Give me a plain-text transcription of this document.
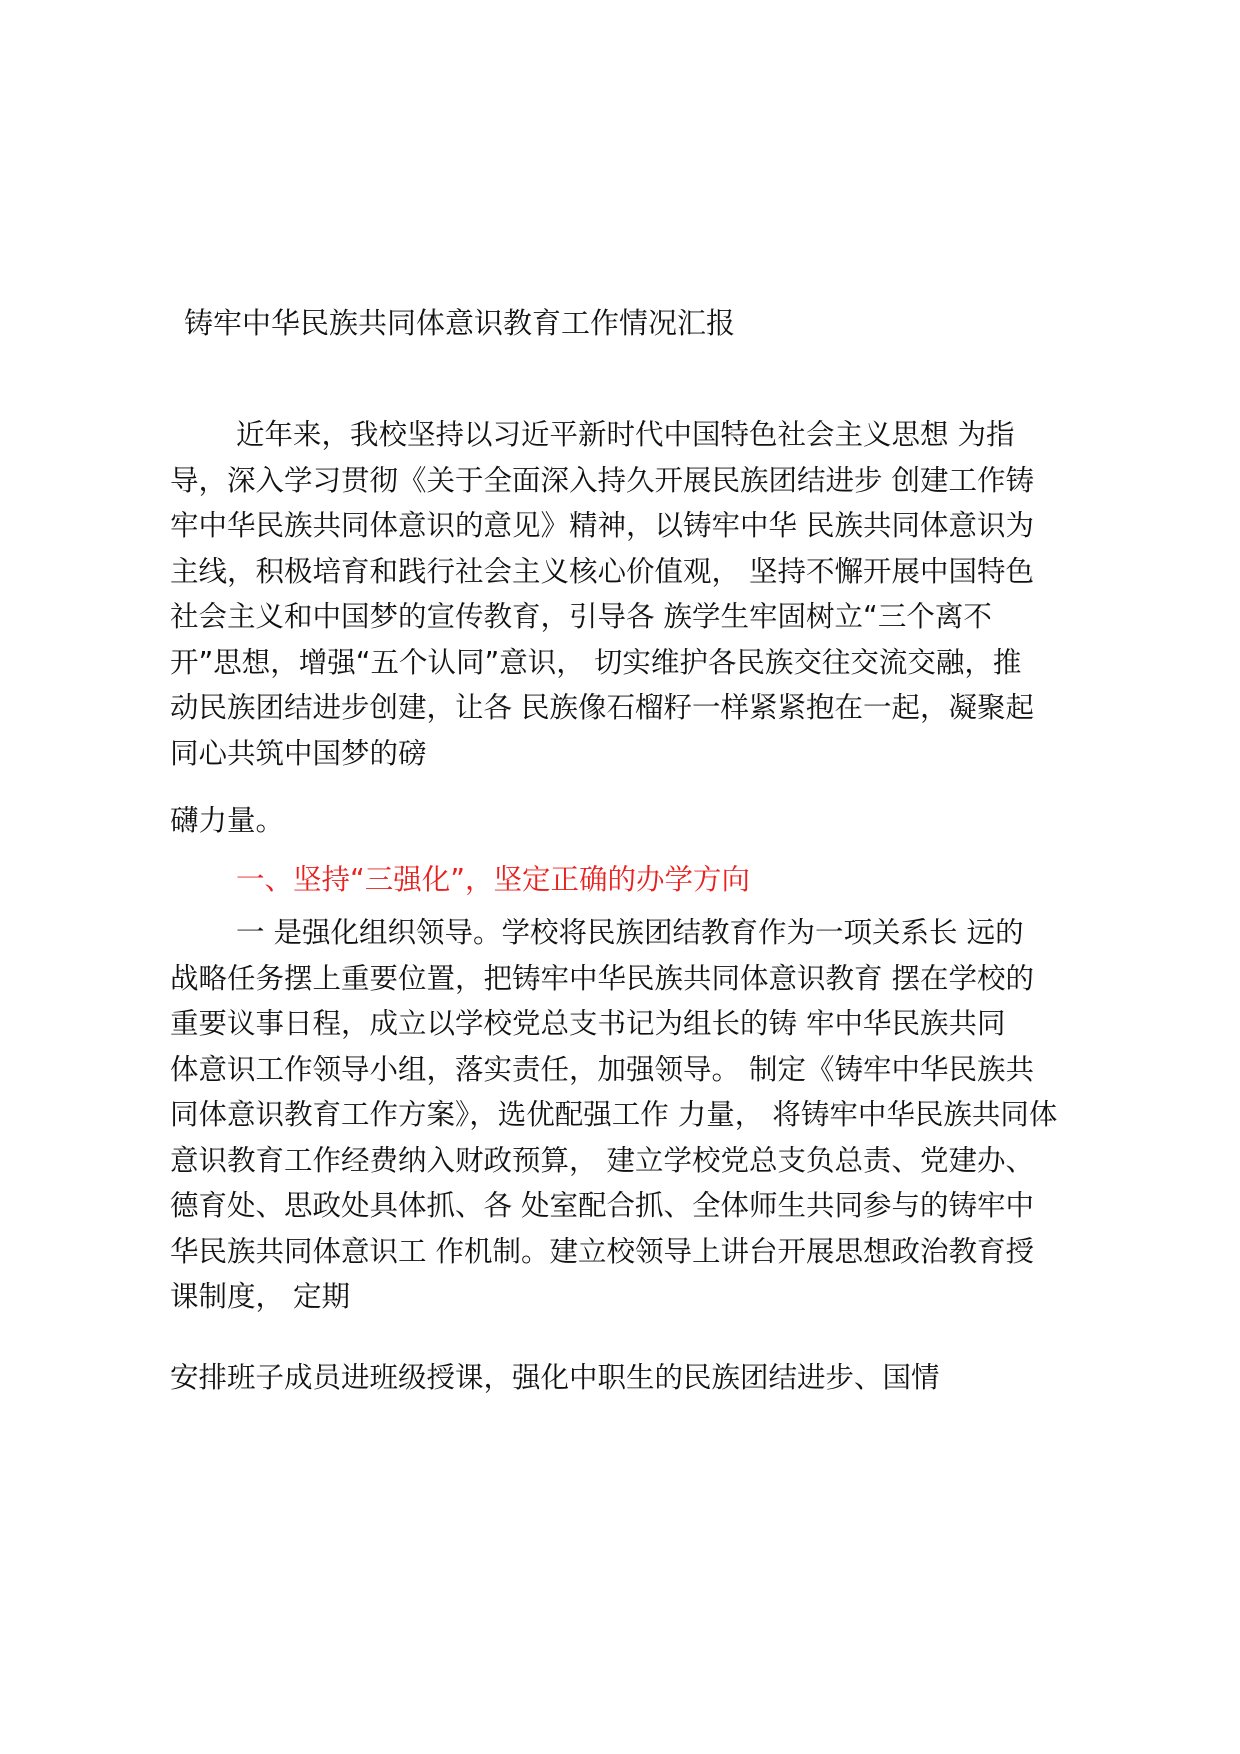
铸牢中华民族共同体意识教育工作情况汇报
近年来，我校坚持以习近平新时代中国特色社会主义思想 为指
导，深入学习贯彻《关于全面深入持久开展民族团结进步 创建工作铸
牢中华民族共同体意识的意见》精神，以铸牢中华 民族共同体意识为
主线，积极培育和践行社会主义核心价值观， 坚持不懈开展中国特色
社会主义和中国梦的宣传教育，引导各 族学生牢固树立“三个离不
开”思想，增强“五个认同”意识， 切实维护各民族交往交流交融，推
动民族团结进步创建，让各 民族像石榴籽一样紧紧抱在一起，凝聚起
同心共筑中国梦的磅
礴力量。
一、坚持“三强化”，坚定正确的办学方向
一 是强化组织领导。学校将民族团结教育作为一项关系长 远的
战略任务摆上重要位置，把铸牢中华民族共同体意识教育 摆在学校的
重要议事日程，成立以学校党总支书记为组长的铸 牢中华民族共同
体意识工作领导小组，落实责任，加强领导。 制定《铸牢中华民族共
同体意识教育工作方案》，选优配强工作 力量， 将铸牢中华民族共同体
意识教育工作经费纳入财政预算， 建立学校党总支负总责、党建办、
德育处、思政处具体抓、各 处室配合抓、全体师生共同参与的铸牢中
华民族共同体意识工 作机制。建立校领导上讲台开展思想政治教育授
课制度， 定期
安排班子成员进班级授课，强化中职生的民族团结进步、国情
